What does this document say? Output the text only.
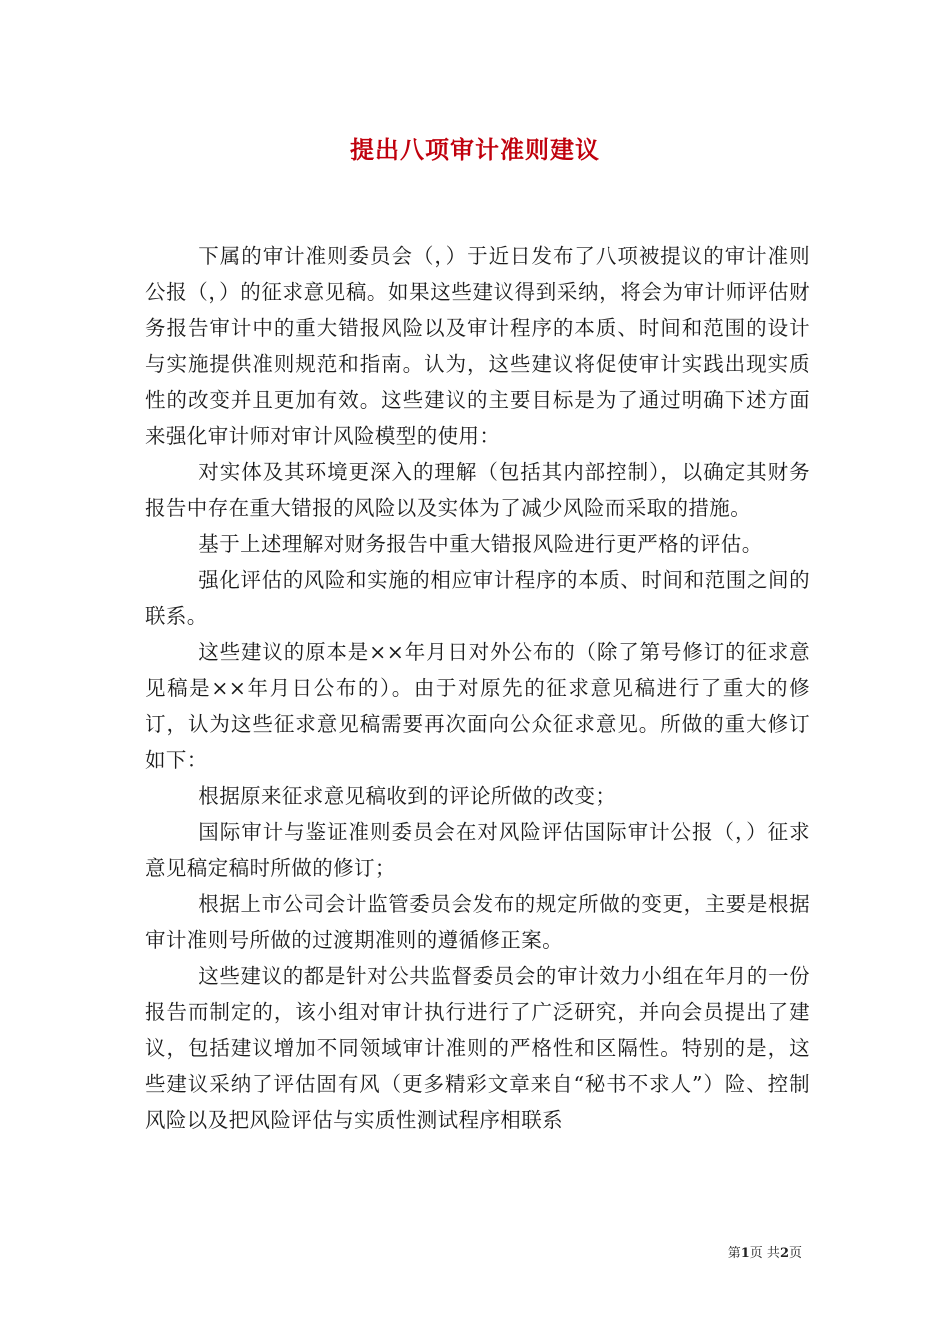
提出八项审计准则建议

下属的审计准则委员会（，）于近日发布了八项被提议的审计准则公报（，）的征求意见稿。如果这些建议得到采纳，将会为审计师评估财务报告审计中的重大错报风险以及审计程序的本质、时间和范围的设计与实施提供准则规范和指南。认为，这些建议将促使审计实践出现实质性的改变并且更加有效。这些建议的主要目标是为了通过明确下述方面来强化审计师对审计风险模型的使用：

对实体及其环境更深入的理解（包括其内部控制），以确定其财务报告中存在重大错报的风险以及实体为了减少风险而采取的措施。

基于上述理解对财务报告中重大错报风险进行更严格的评估。

强化评估的风险和实施的相应审计程序的本质、时间和范围之间的联系。

这些建议的原本是××年月日对外公布的（除了第号修订的征求意见稿是××年月日公布的）。由于对原先的征求意见稿进行了重大的修订，认为这些征求意见稿需要再次面向公众征求意见。所做的重大修订如下：

根据原来征求意见稿收到的评论所做的改变；

国际审计与鉴证准则委员会在对风险评估国际审计公报（，）征求意见稿定稿时所做的修订；

根据上市公司会计监管委员会发布的规定所做的变更，主要是根据审计准则号所做的过渡期准则的遵循修正案。

这些建议的都是针对公共监督委员会的审计效力小组在年月的一份报告而制定的，该小组对审计执行进行了广泛研究，并向会员提出了建议，包括建议增加不同领域审计准则的严格性和区隔性。特别的是，这些建议采纳了评估固有风（更多精彩文章来自“秘书不求人”）险、控制风险以及把风险评估与实质性测试程序相联系

第1页 共2页
